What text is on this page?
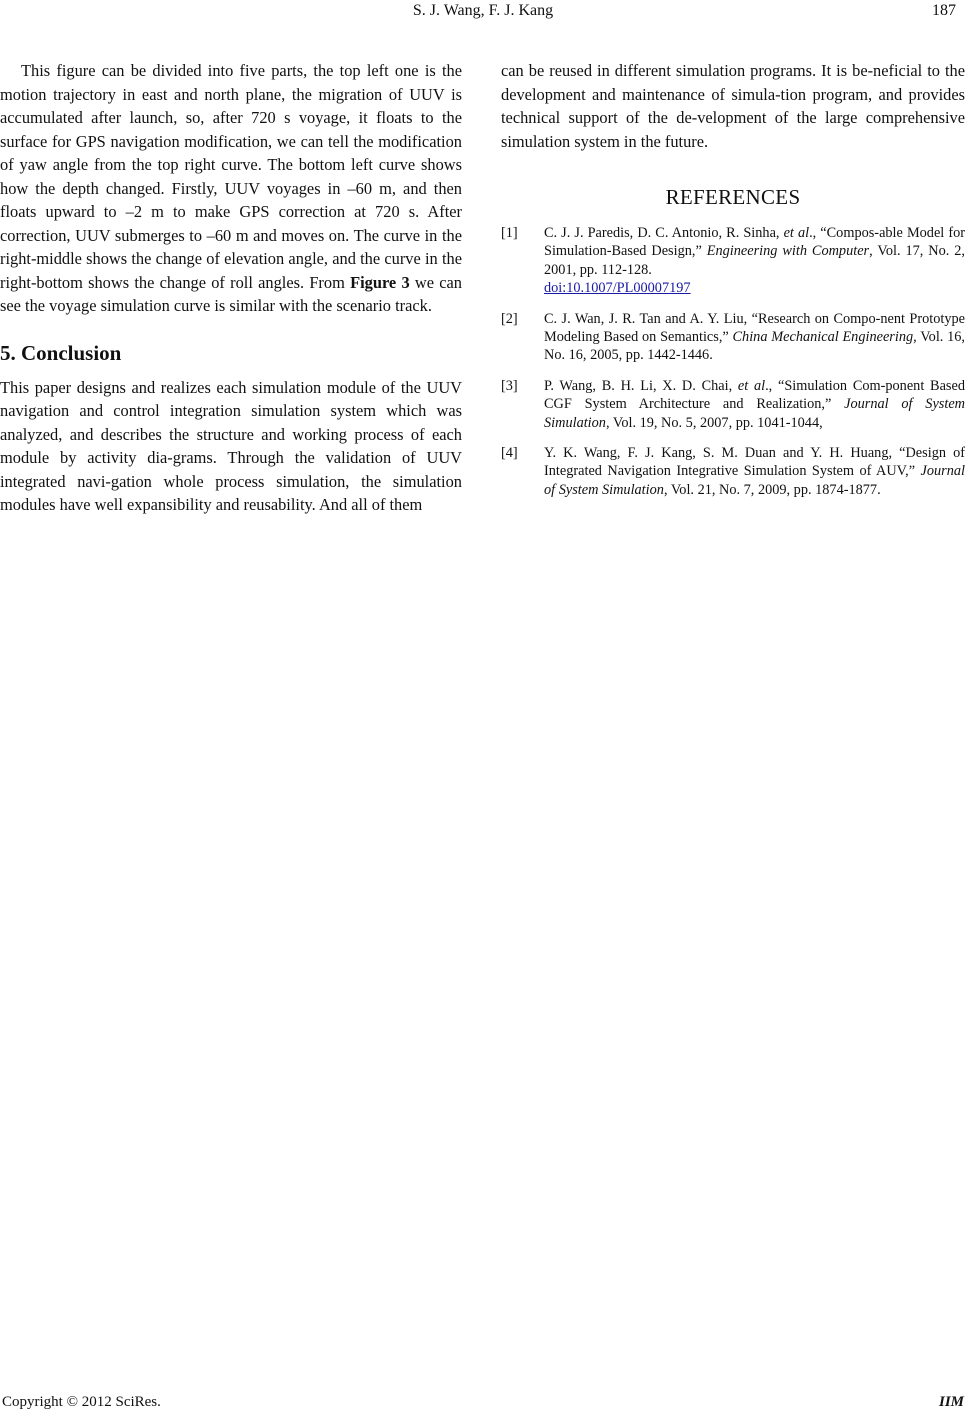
S. J. Wang, F. J. Kang	187

This figure can be divided into five parts, the top left one is the motion trajectory in east and north plane, the migration of UUV is accumulated after launch, so, after 720 s voyage, it floats to the surface for GPS navigation modification, we can tell the modification of yaw angle from the top right curve. The bottom left curve shows how the depth changed. Firstly, UUV voyages in –60 m, and then floats upward to –2 m to make GPS correction at 720 s. After correction, UUV submerges to –60 m and moves on. The curve in the right-middle shows the change of elevation angle, and the curve in the right-bottom shows the change of roll angles. From Figure 3 we can see the voyage simulation curve is similar with the scenario track.

5. Conclusion

This paper designs and realizes each simulation module of the UUV navigation and control integration simulation system which was analyzed, and describes the structure and working process of each module by activity dia-grams. Through the validation of UUV integrated navi-gation whole process simulation, the simulation modules have well expansibility and reusability. And all of them

can be reused in different simulation programs. It is be-neficial to the development and maintenance of simula-tion program, and provides technical support of the de-velopment of the large comprehensive simulation system in the future.

REFERENCES
[1] C. J. J. Paredis, D. C. Antonio, R. Sinha, et al., “Compos-able Model for Simulation-Based Design,” Engineering with Computer, Vol. 17, No. 2, 2001, pp. 112-128.
doi:10.1007/PL00007197
[2] C. J. Wan, J. R. Tan and A. Y. Liu, “Research on Compo-nent Prototype Modeling Based on Semantics,” China Mechanical Engineering, Vol. 16, No. 16, 2005, pp. 1442-1446.
[3] P. Wang, B. H. Li, X. D. Chai, et al., “Simulation Com-ponent Based CGF System Architecture and Realization,” Journal of System Simulation, Vol. 19, No. 5, 2007, pp. 1041-1044,
[4] Y. K. Wang, F. J. Kang, S. M. Duan and Y. H. Huang, “Design of Integrated Navigation Integrative Simulation System of AUV,” Journal of System Simulation, Vol. 21, No. 7, 2009, pp. 1874-1877.
Copyright © 2012 SciRes.	IIM
